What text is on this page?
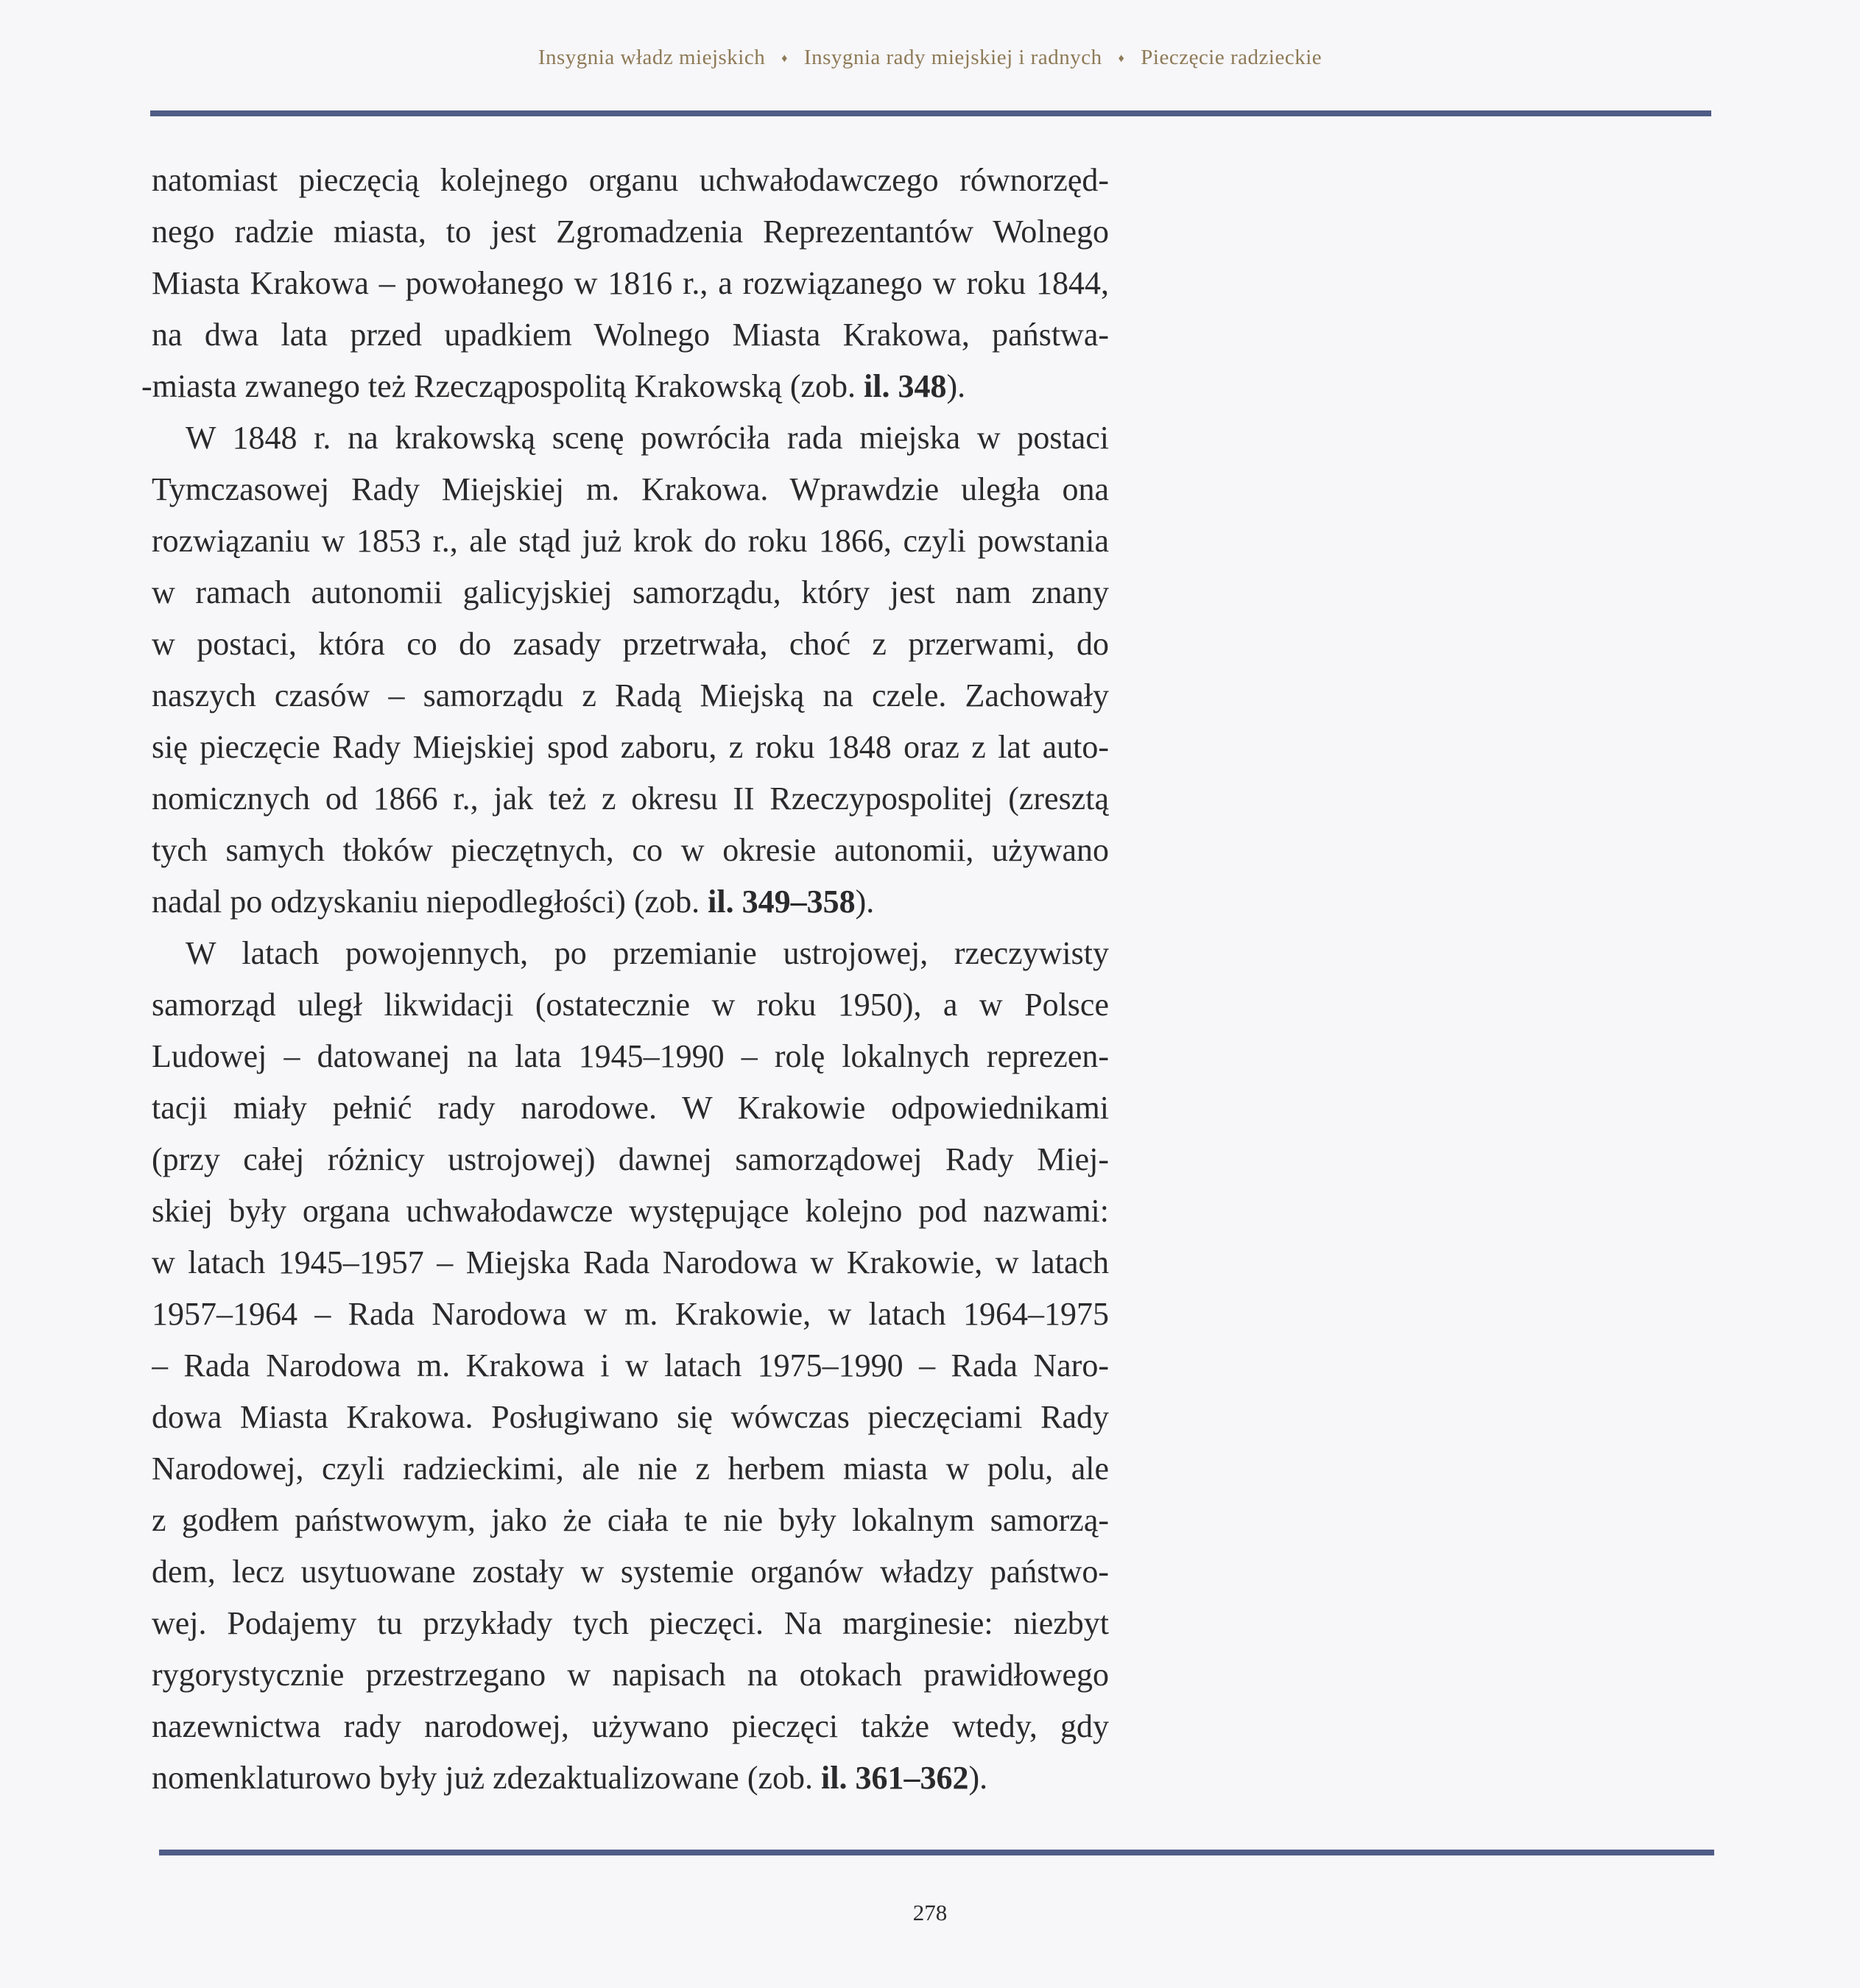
Insygnia władz miejskich ♦ Insygnia rady miejskiej i radnych ♦ Pieczęcie radzieckie
natomiast pieczęcią kolejnego organu uchwałodawczego równorzęd-
nego radzie miasta, to jest Zgromadzenia Reprezentantów Wolnego
Miasta Krakowa – powołanego w 1816 r., a rozwiązanego w roku 1844,
na dwa lata przed upadkiem Wolnego Miasta Krakowa, państwa-
-miasta zwanego też Rzecząpospolitą Krakowską (zob. il. 348).
W 1848 r. na krakowską scenę powróciła rada miejska w postaci
Tymczasowej Rady Miejskiej m. Krakowa. Wprawdzie uległa ona
rozwiązaniu w 1853 r., ale stąd już krok do roku 1866, czyli powstania
w ramach autonomii galicyjskiej samorządu, który jest nam znany
w postaci, która co do zasady przetrwała, choć z przerwami, do
naszych czasów – samorządu z Radą Miejską na czele. Zachowały
się pieczęcie Rady Miejskiej spod zaboru, z roku 1848 oraz z lat auto-
nomicznych od 1866 r., jak też z okresu II Rzeczypospolitej (zresztą
tych samych tłoków pieczętnych, co w okresie autonomii, używano
nadal po odzyskaniu niepodległości) (zob. il. 349–358).
W latach powojennych, po przemianie ustrojowej, rzeczywisty
samorząd uległ likwidacji (ostatecznie w roku 1950), a w Polsce
Ludowej – datowanej na lata 1945–1990 – rolę lokalnych reprezen-
tacji miały pełnić rady narodowe. W Krakowie odpowiednikami
(przy całej różnicy ustrojowej) dawnej samorządowej Rady Miej-
skiej były organa uchwałodawcze występujące kolejno pod nazwami:
w latach 1945–1957 – Miejska Rada Narodowa w Krakowie, w latach
1957–1964 – Rada Narodowa w m. Krakowie, w latach 1964–1975
– Rada Narodowa m. Krakowa i w latach 1975–1990 – Rada Naro-
dowa Miasta Krakowa. Posługiwano się wówczas pieczęciami Rady
Narodowej, czyli radzieckimi, ale nie z herbem miasta w polu, ale
z godłem państwowym, jako że ciała te nie były lokalnym samorzą-
dem, lecz usytuowane zostały w systemie organów władzy państwo-
wej. Podajemy tu przykłady tych pieczęci. Na marginesie: niezbyt
rygorystycznie przestrzegano w napisach na otokach prawidłowego
nazewnictwa rady narodowej, używano pieczęci także wtedy, gdy
nomenklaturowo były już zdezaktualizowane (zob. il. 361–362).
278
